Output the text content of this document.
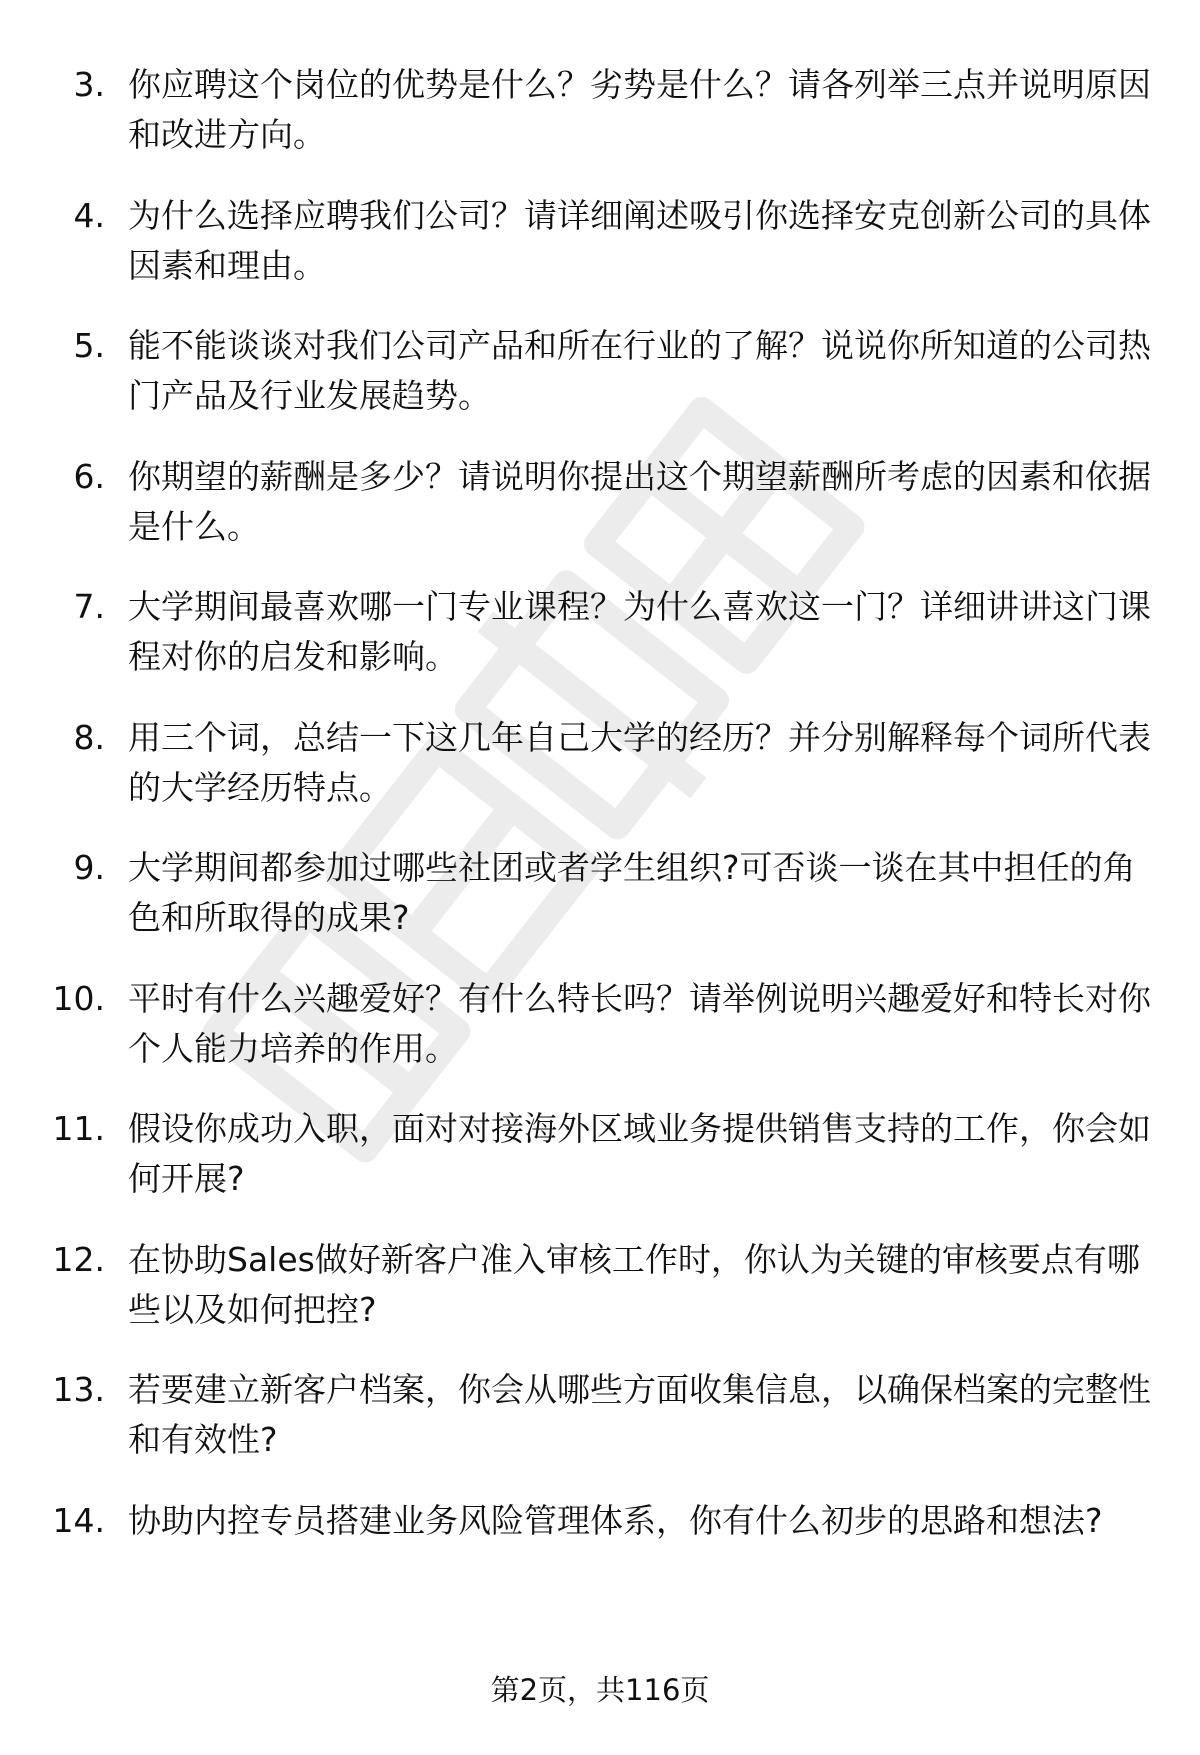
3. 你应聘这个岗位的优势是什么？劣势是什么？请各列举三点并说明原因和改进方向。
4. 为什么选择应聘我们公司？请详细阐述吸引你选择安克创新公司的具体因素和理由。
5. 能不能谈谈对我们公司产品和所在行业的了解？说说你所知道的公司热门产品及行业发展趋势。
6. 你期望的薪酬是多少？请说明你提出这个期望薪酬所考虑的因素和依据是什么。
7. 大学期间最喜欢哪一门专业课程？为什么喜欢这一门？详细讲讲这门课程对你的启发和影响。
8. 用三个词，总结一下这几年自己大学的经历？并分别解释每个词所代表的大学经历特点。
9. 大学期间都参加过哪些社团或者学生组织?可否谈一谈在其中担任的角色和所取得的成果?
10. 平时有什么兴趣爱好？有什么特长吗？请举例说明兴趣爱好和特长对你个人能力培养的作用。
11. 假设你成功入职，面对对接海外区域业务提供销售支持的工作，你会如何开展?
12. 在协助Sales做好新客户准入审核工作时，你认为关键的审核要点有哪些以及如何把控?
13. 若要建立新客户档案，你会从哪些方面收集信息，以确保档案的完整性和有效性?
14. 协助内控专员搭建业务风险管理体系，你有什么初步的思路和想法?
第2页，共116页
